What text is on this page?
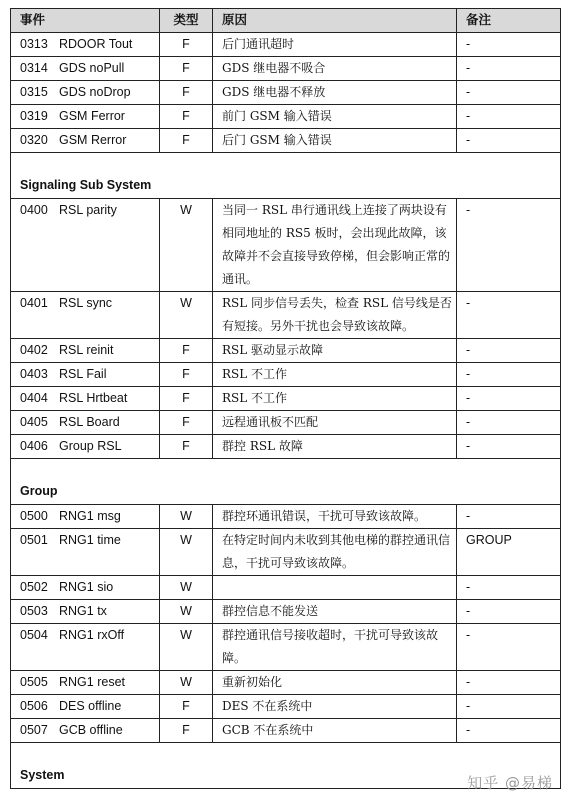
事件	类型	原因	备注
0313 RDOOR Tout	F	后门通讯超时	-
0314 GDS noPull	F	GDS 继电器不吸合	-
0315 GDS noDrop	F	GDS 继电器不释放	-
0319 GSM Ferror	F	前门 GSM 输入错误	-
0320 GSM Rerror	F	后门 GSM 输入错误	-
Signaling Sub System			
0400 RSL parity	W	当同一 RSL 串行通讯线上连接了两块设有相同地址的 RS5 板时，会出现此故障，该故障并不会直接导致停梯，但会影响正常的通讯。	-
0401 RSL sync	W	RSL 同步信号丢失，检查 RSL 信号线是否有短接。另外干扰也会导致该故障。	-
0402 RSL reinit	F	RSL 驱动显示故障	-
0403 RSL Fail	F	RSL 不工作	-
0404 RSL Hrtbeat	F	RSL 不工作	-
0405 RSL Board	F	远程通讯板不匹配	-
0406 Group RSL	F	群控 RSL 故障	-
Group			
0500 RNG1 msg	W	群控环通讯错误，干扰可导致该故障。	-
0501 RNG1 time	W	在特定时间内未收到其他电梯的群控通讯信息，干扰可导致该故障。	GROUP
0502 RNG1 sio	W		-
0503 RNG1 tx	W	群控信息不能发送	-
0504 RNG1 rxOff	W	群控通讯信号接收超时，干扰可导致该故障。	-
0505 RNG1 reset	W	重新初始化	-
0506 DES offline	F	DES 不在系统中	-
0507 GCB offline	F	GCB 不在系统中	-
System				知乎 @易梯
